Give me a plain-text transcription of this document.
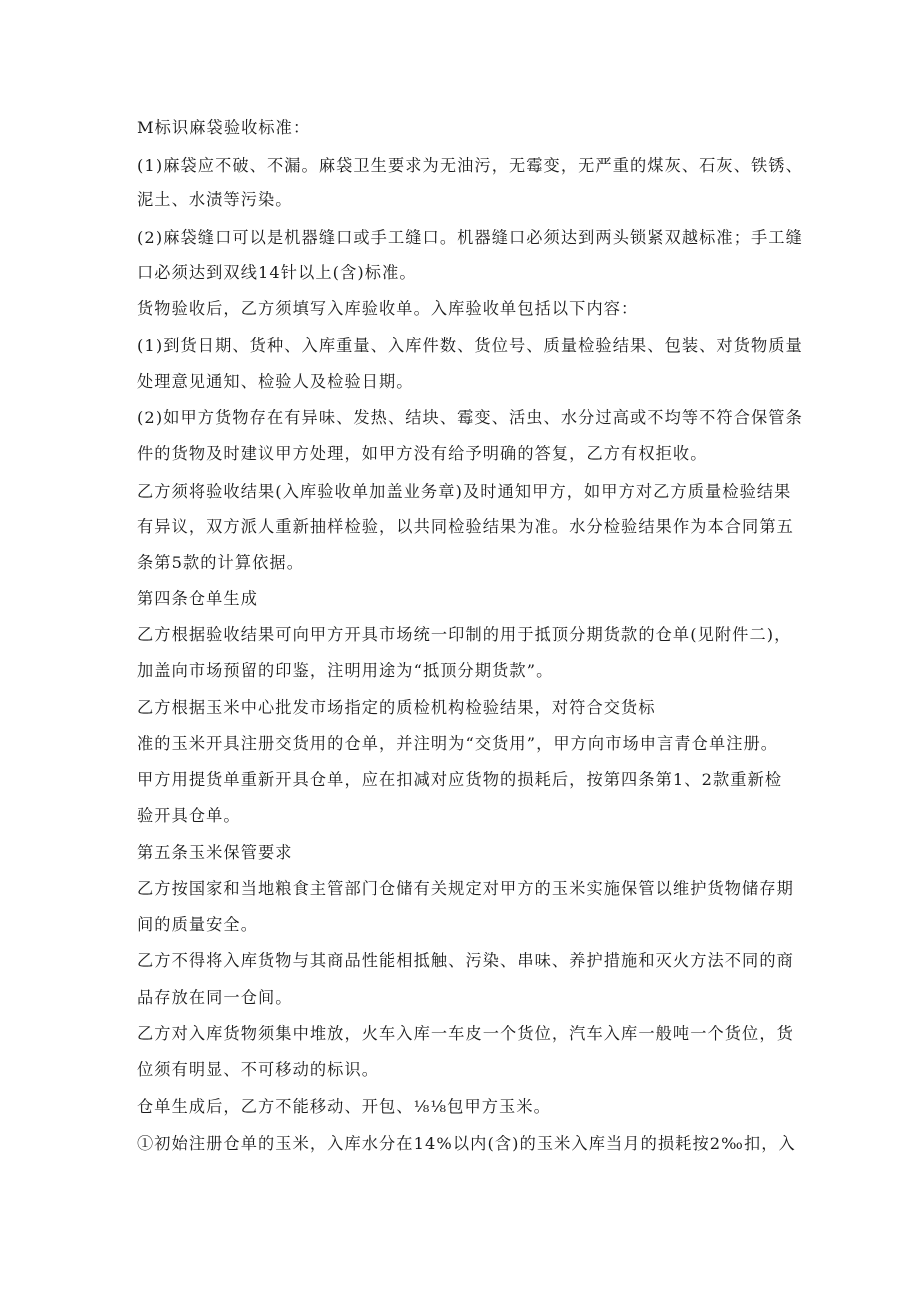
M标识麻袋验收标准：
(1)麻袋应不破、不漏。麻袋卫生要求为无油污，无霉变，无严重的煤灰、石灰、铁锈、
泥土、水渍等污染。
(2)麻袋缝口可以是机器缝口或手工缝口。机器缝口必须达到两头锁紧双越标准；手工缝
口必须达到双线14针以上(含)标准。
货物验收后，乙方须填写入库验收单。入库验收单包括以下内容：
(1)到货日期、货种、入库重量、入库件数、货位号、质量检验结果、包装、对货物质量
处理意见通知、检验人及检验日期。
(2)如甲方货物存在有异味、发热、结块、霉变、活虫、水分过高或不均等不符合保管条
件的货物及时建议甲方处理，如甲方没有给予明确的答复，乙方有权拒收。
乙方须将验收结果(入库验收单加盖业务章)及时通知甲方，如甲方对乙方质量检验结果
有异议，双方派人重新抽样检验，以共同检验结果为准。水分检验结果作为本合同第五
条第5款的计算依据。
第四条仓单生成
乙方根据验收结果可向甲方开具市场统一印制的用于抵顶分期货款的仓单(见附件二)，
加盖向市场预留的印鉴，注明用途为“抵顶分期货款”。
乙方根据玉米中心批发市场指定的质检机构检验结果，对符合交货标
准的玉米开具注册交货用的仓单，并注明为“交货用”，甲方向市场申言青仓单注册。
甲方用提货单重新开具仓单，应在扣减对应货物的损耗后，按第四条第1、2款重新检
验开具仓单。
第五条玉米保管要求
乙方按国家和当地粮食主管部门仓储有关规定对甲方的玉米实施保管以维护货物储存期
间的质量安全。
乙方不得将入库货物与其商品性能相抵触、污染、串味、养护措施和灭火方法不同的商
品存放在同一仓间。
乙方对入库货物须集中堆放，火车入库一车皮一个货位，汽车入库一般吨一个货位，货
位须有明显、不可移动的标识。
仓单生成后，乙方不能移动、开包、⅛⅛包甲方玉米。
①初始注册仓单的玉米，入库水分在14%以内(含)的玉米入库当月的损耗按2‰扣，入
